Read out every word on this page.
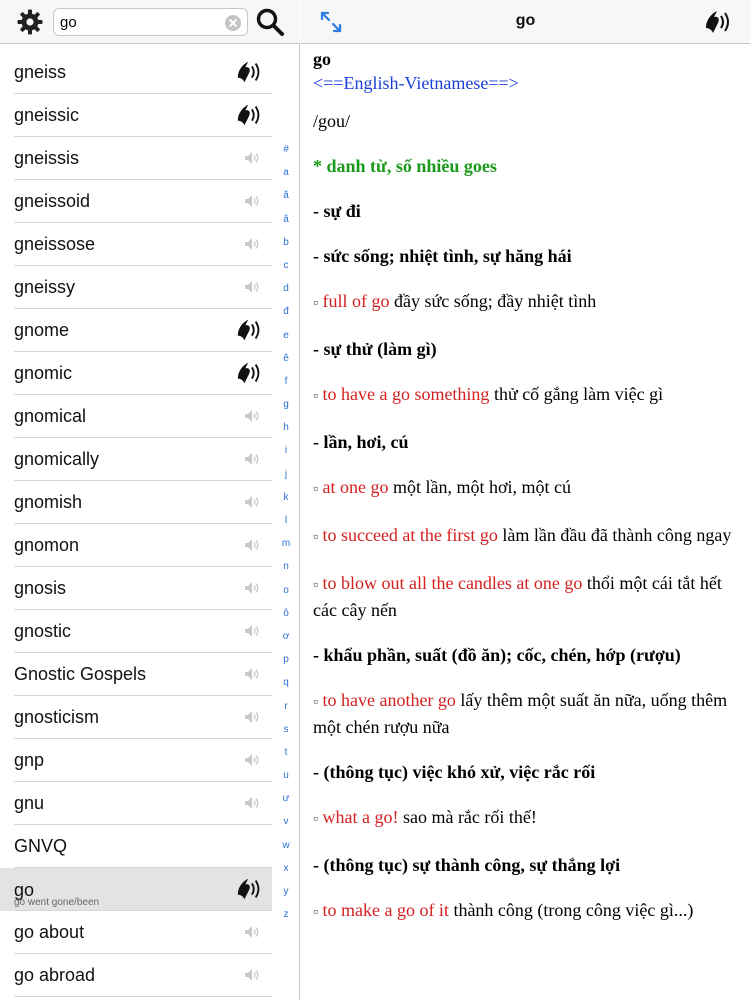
go
gneiss
gneissic
gneissis
gneissoid
gneissose
gneissy
gnome
gnomic
gnomical
gnomically
gnomish
gnomon
gnosis
gnostic
Gnostic Gospels
gnosticism
gnp
gnu
GNVQ
go
go went gone/been
go about
go abroad
#
a
ă
â
b
c
d
đ
e
ê
f
g
h
i
j
k
l
m
n
o
ô
ơ
p
q
r
s
t
u
ư
v
w
x
y
z
go
go
<==English-Vietnamese==>
/gou/
* danh từ, số nhiều goes
- sự đi
- sức sống; nhiệt tình, sự hăng hái
▫ full of go đầy sức sống; đầy nhiệt tình
- sự thử (làm gì)
▫ to have a go something thử cố gắng làm việc gì
- lần, hơi, cú
▫ at one go một lần, một hơi, một cú
▫ to succeed at the first go làm lần đầu đã thành công ngay
▫ to blow out all the candles at one go thổi một cái tắt hết các cây nến
- khẩu phần, suất (đồ ăn); cốc, chén, hớp (rượu)
▫ to have another go lấy thêm một suất ăn nữa, uống thêm một chén rượu nữa
- (thông tục) việc khó xử, việc rắc rối
▫ what a go! sao mà rắc rối thế!
- (thông tục) sự thành công, sự thắng lợi
▫ to make a go of it thành công (trong công việc gì...)
